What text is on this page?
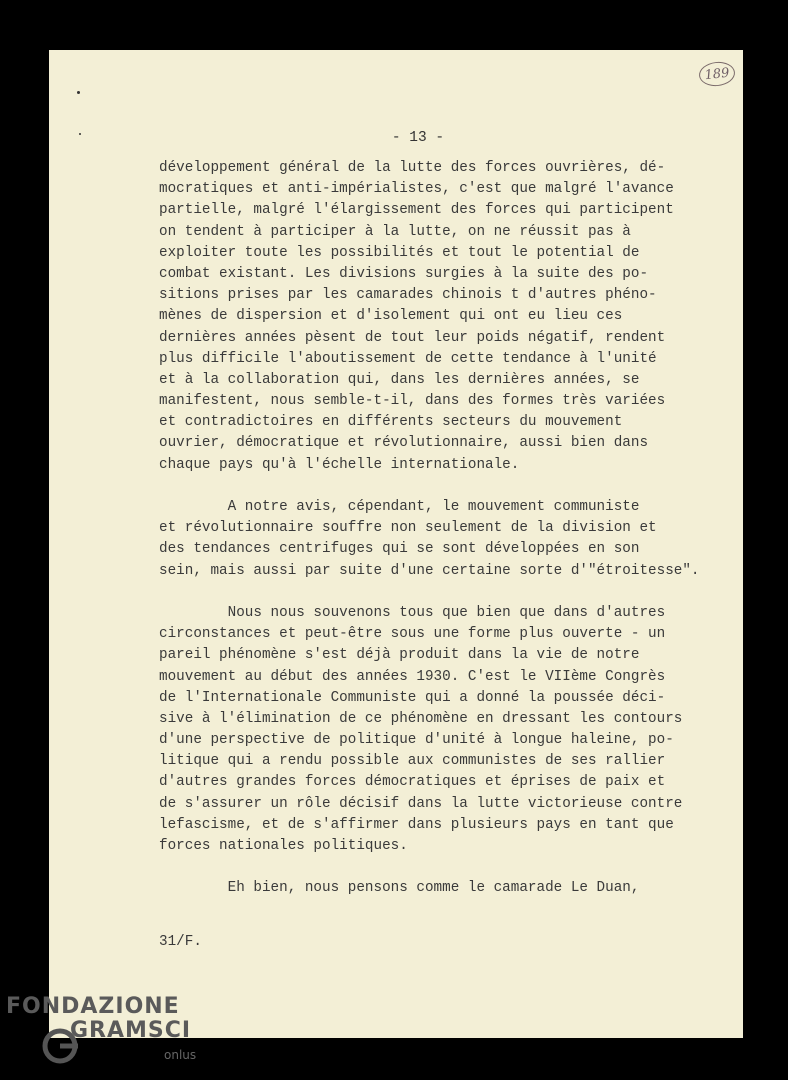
189
- 13 -
développement général de la lutte des forces ouvrières, dé-
mocratiques et anti-impérialistes, c'est que malgré l'avance
partielle, malgré l'élargissement des forces qui participent
on tendent à participer à la lutte, on ne réussit pas à
exploiter toute les possibilités et tout le potential de
combat existant. Les divisions surgies à la suite des po-
sitions prises par les camarades chinois t d'autres phéno-
mènes de dispersion et d'isolement qui ont eu lieu ces
dernières années pèsent de tout leur poids négatif, rendent
plus difficile l'aboutissement de cette tendance à l'unité
et à la collaboration qui, dans les dernières années, se
manifestent, nous semble-t-il, dans des formes très variées
et contradictoires en différents secteurs du mouvement
ouvrier, démocratique et révolutionnaire, aussi bien dans
chaque pays qu'à l'échelle internationale.
A notre avis, cépendant, le mouvement communiste
et révolutionnaire souffre non seulement de la division et
des tendances centrifuges qui se sont développées en son
sein, mais aussi par suite d'une certaine sorte d'"étroitesse".
Nous nous souvenons tous que bien que dans d'autres
circonstances et peut-être sous une forme plus ouverte - un
pareil phénomène s'est déjà produit dans la vie de notre
mouvement au début des années 1930. C'est le VIIème Congrès
de l'Internationale Communiste qui a donné la poussée déci-
sive à l'élimination de ce phénomène en dressant les contours
d'une perspective de politique d'unité à longue haleine, po-
litique qui a rendu possible aux communistes de ses rallier
d'autres grandes forces démocratiques et éprises de paix et
de s'assurer un rôle décisif dans la lutte victorieuse contre
lefascisme, et de s'affirmer dans plusieurs pays en tant que
forces nationales politiques.
Eh bien, nous pensons comme le camarade Le Duan,
31/F.
FONDAZIONE
GRAMSCI
onlus
